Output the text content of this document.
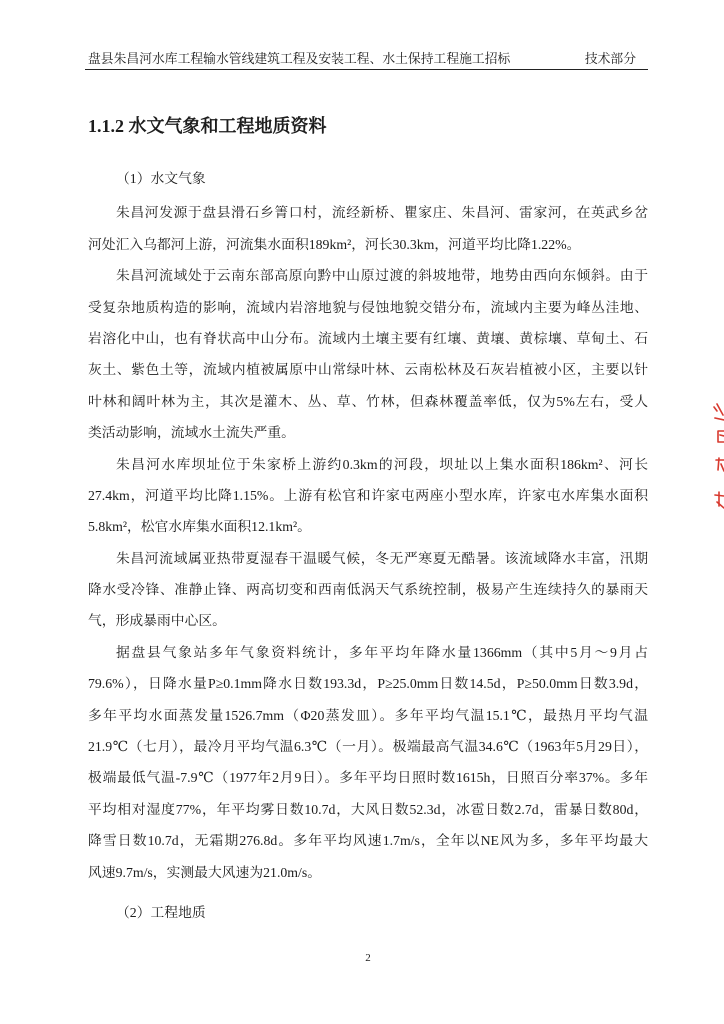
盘县朱昌河水库工程输水管线建筑工程及安装工程、水土保持工程施工招标	技术部分
1.1.2 水文气象和工程地质资料
（1）水文气象
朱昌河发源于盘县滑石乡箐口村，流经新桥、瞿家庄、朱昌河、雷家河，在英武乡岔
河处汇入乌都河上游，河流集水面积189km²，河长30.3km，河道平均比降1.22%。
朱昌河流域处于云南东部高原向黔中山原过渡的斜坡地带，地势由西向东倾斜。由于
受复杂地质构造的影响，流域内岩溶地貌与侵蚀地貌交错分布，流域内主要为峰丛洼地、
岩溶化中山，也有脊状高中山分布。流域内土壤主要有红壤、黄壤、黄棕壤、草甸土、石
灰土、紫色土等，流域内植被属原中山常绿叶林、云南松林及石灰岩植被小区，主要以针
叶林和阔叶林为主，其次是灌木、丛、草、竹林，但森林覆盖率低，仅为5%左右，受人
类活动影响，流域水土流失严重。
朱昌河水库坝址位于朱家桥上游约0.3km的河段，坝址以上集水面积186km²、河长
27.4km，河道平均比降1.15%。上游有松官和许家屯两座小型水库，许家屯水库集水面积
5.8km²，松官水库集水面积12.1km²。
朱昌河流域属亚热带夏湿春干温暖气候，冬无严寒夏无酷暑。该流域降水丰富，汛期
降水受冷锋、准静止锋、两高切变和西南低涡天气系统控制，极易产生连续持久的暴雨天
气，形成暴雨中心区。
据盘县气象站多年气象资料统计，多年平均年降水量1366mm（其中5月～9月占
79.6%），日降水量P≥0.1mm降水日数193.3d，P≥25.0mm日数14.5d，P≥50.0mm日数3.9d，
多年平均水面蒸发量1526.7mm（Φ20蒸发皿）。多年平均气温15.1℃，最热月平均气温
21.9℃（七月），最冷月平均气温6.3℃（一月）。极端最高气温34.6℃（1963年5月29日），
极端最低气温-7.9℃（1977年2月9日）。多年平均日照时数1615h，日照百分率37%。多年
平均相对湿度77%，年平均雾日数10.7d，大风日数52.3d，冰雹日数2.7d，雷暴日数80d，
降雪日数10.7d，无霜期276.8d。多年平均风速1.7m/s，全年以NE风为多，多年平均最大
风速9.7m/s，实测最大风速为21.0m/s。
（2）工程地质
2
